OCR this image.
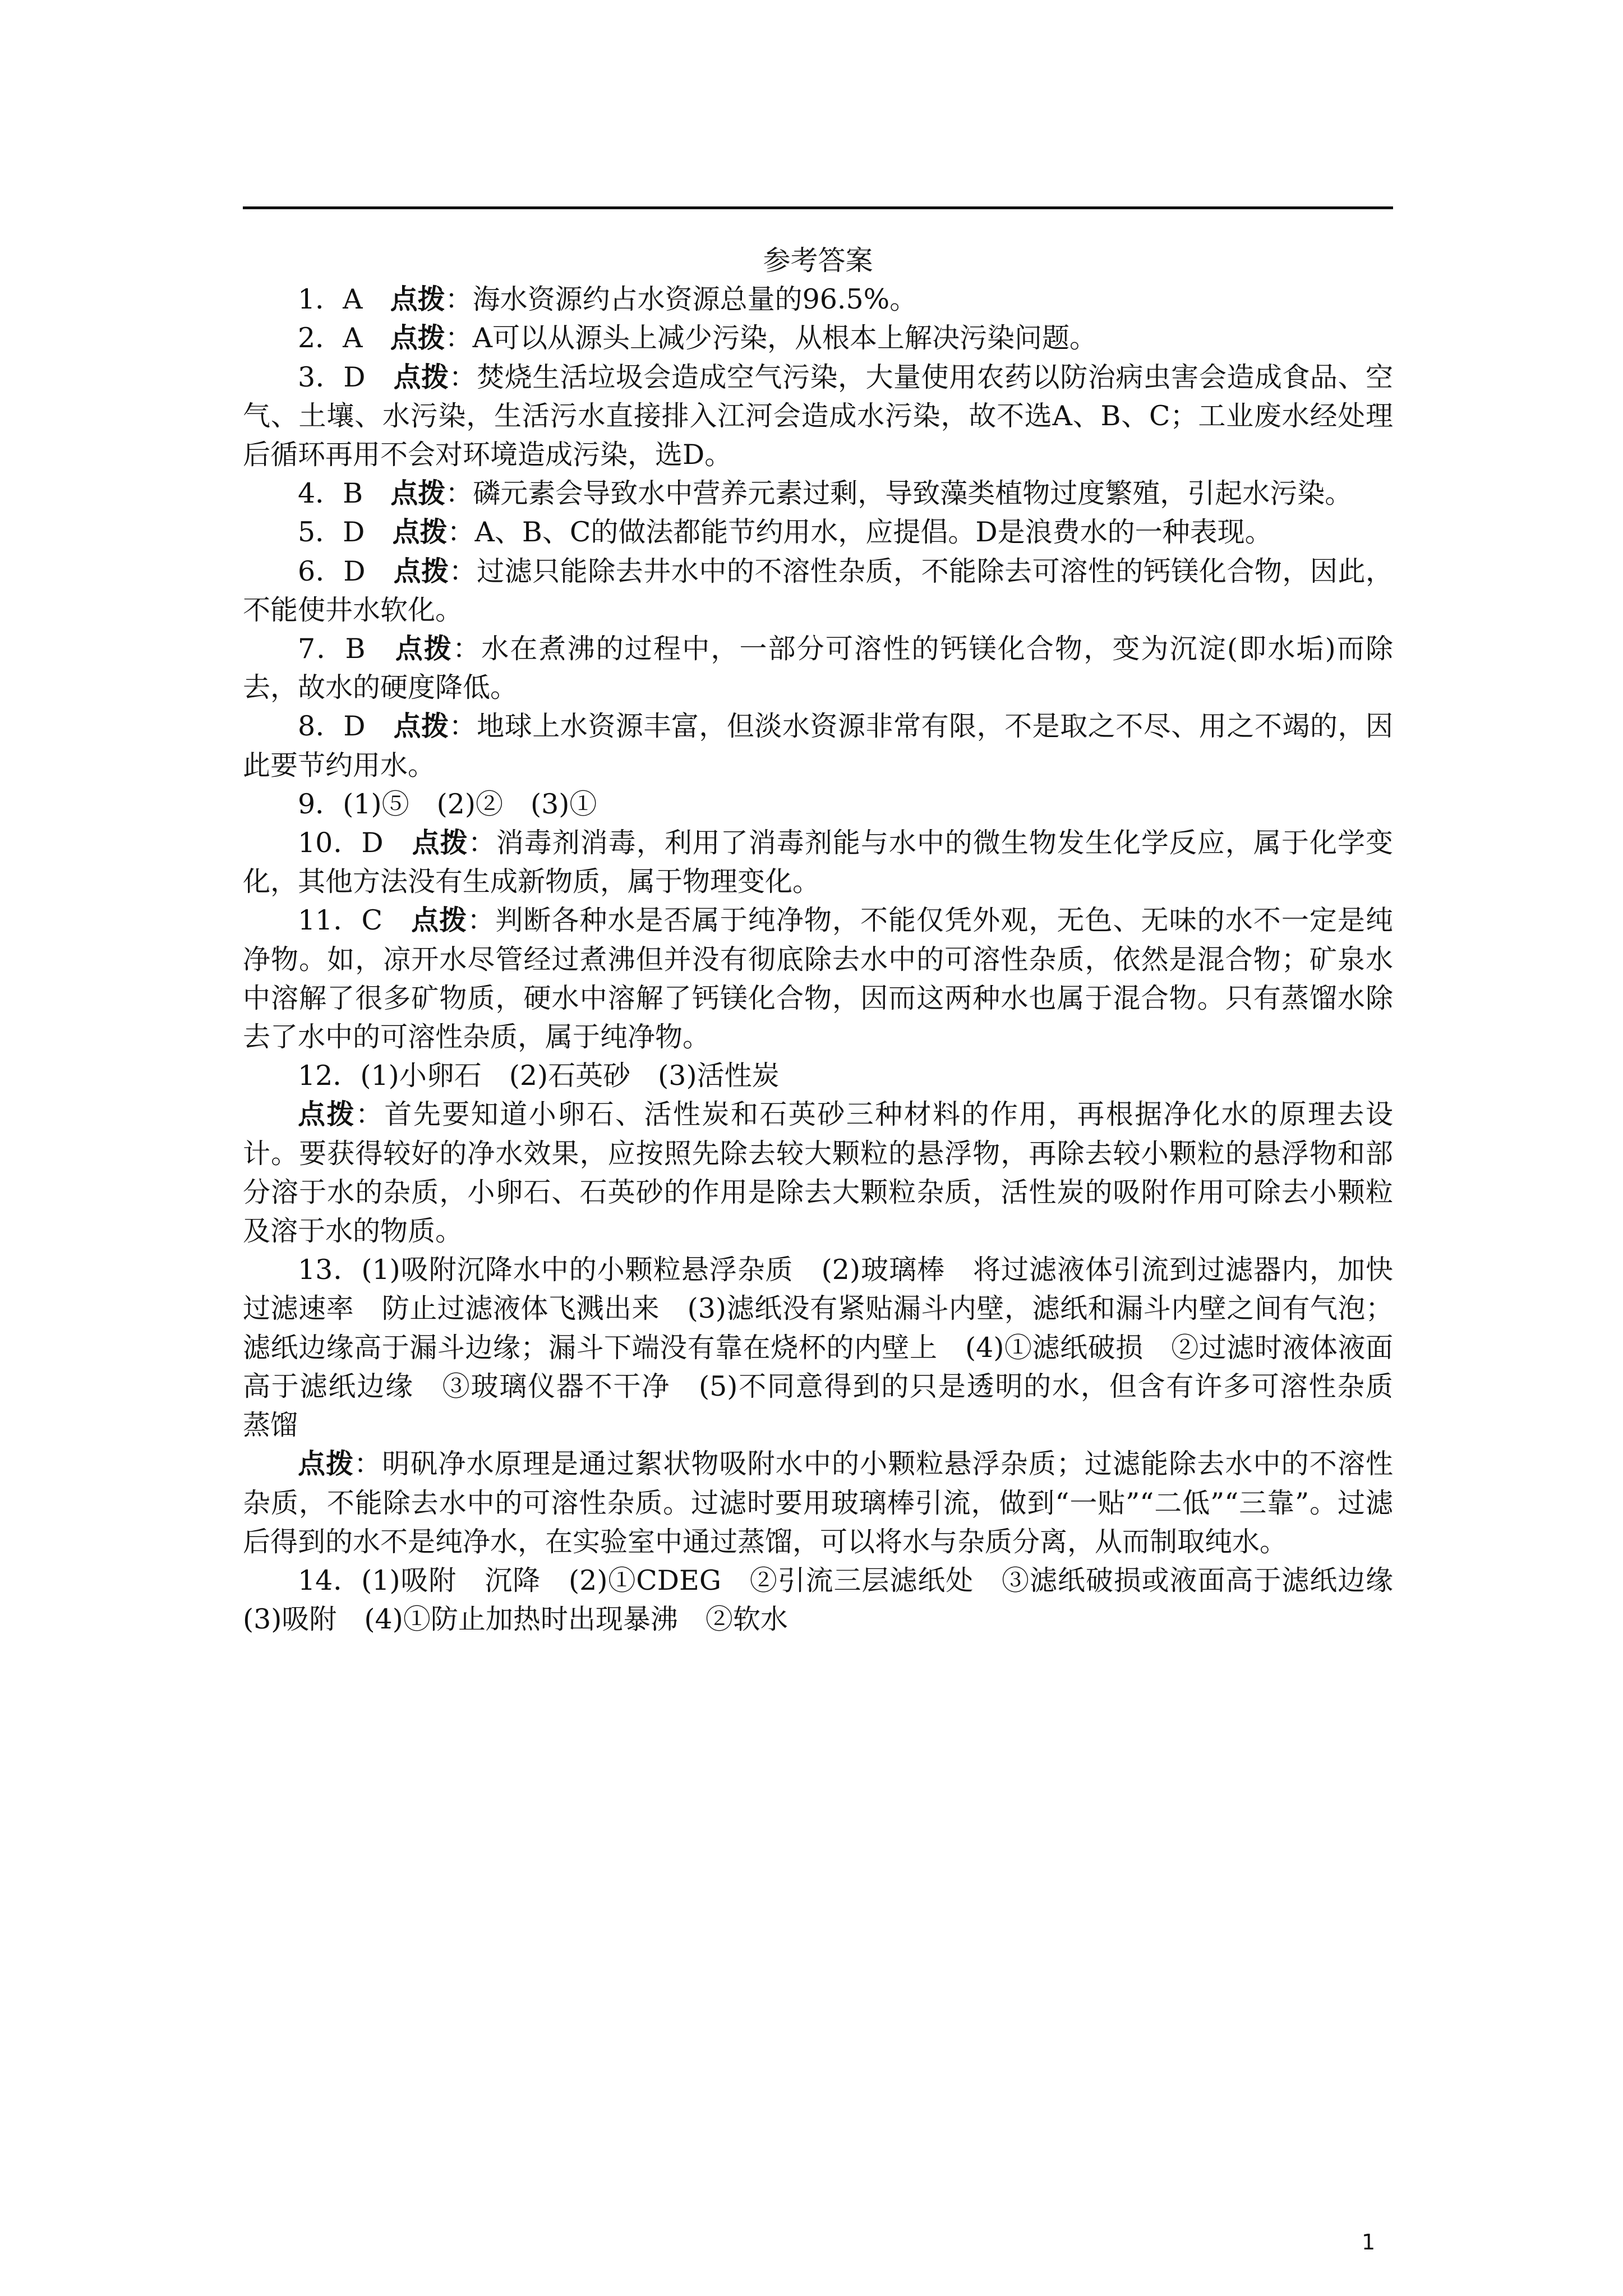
参考答案

1．A　点拨：海水资源约占水资源总量的96.5%。

2．A　点拨：A可以从源头上减少污染，从根本上解决污染问题。

3．D　点拨：焚烧生活垃圾会造成空气污染，大量使用农药以防治病虫害会造成食品、空气、土壤、水污染，生活污水直接排入江河会造成水污染，故不选A、B、C；工业废水经处理后循环再用不会对环境造成污染，选D。

4．B　点拨：磷元素会导致水中营养元素过剩，导致藻类植物过度繁殖，引起水污染。

5．D　点拨：A、B、C的做法都能节约用水，应提倡。D是浪费水的一种表现。

6．D　点拨：过滤只能除去井水中的不溶性杂质，不能除去可溶性的钙镁化合物，因此，不能使井水软化。

7．B　点拨：水在煮沸的过程中，一部分可溶性的钙镁化合物，变为沉淀(即水垢)而除去，故水的硬度降低。

8．D　点拨：地球上水资源丰富，但淡水资源非常有限，不是取之不尽、用之不竭的，因此要节约用水。

9．(1)⑤　(2)②　(3)①

10．D　点拨：消毒剂消毒，利用了消毒剂能与水中的微生物发生化学反应，属于化学变化，其他方法没有生成新物质，属于物理变化。

11．C　点拨：判断各种水是否属于纯净物，不能仅凭外观，无色、无味的水不一定是纯净物。如，凉开水尽管经过煮沸但并没有彻底除去水中的可溶性杂质，依然是混合物；矿泉水中溶解了很多矿物质，硬水中溶解了钙镁化合物，因而这两种水也属于混合物。只有蒸馏水除去了水中的可溶性杂质，属于纯净物。

12．(1)小卵石　(2)石英砂　(3)活性炭

点拨：首先要知道小卵石、活性炭和石英砂三种材料的作用，再根据净化水的原理去设计。要获得较好的净水效果，应按照先除去较大颗粒的悬浮物，再除去较小颗粒的悬浮物和部分溶于水的杂质，小卵石、石英砂的作用是除去大颗粒杂质，活性炭的吸附作用可除去小颗粒及溶于水的物质。

13．(1)吸附沉降水中的小颗粒悬浮杂质　(2)玻璃棒　将过滤液体引流到过滤器内，加快过滤速率　防止过滤液体飞溅出来　(3)滤纸没有紧贴漏斗内壁，滤纸和漏斗内壁之间有气泡；滤纸边缘高于漏斗边缘；漏斗下端没有靠在烧杯的内壁上　(4)①滤纸破损　②过滤时液体液面高于滤纸边缘　③玻璃仪器不干净　(5)不同意得到的只是透明的水，但含有许多可溶性杂质　蒸馏

点拨：明矾净水原理是通过絮状物吸附水中的小颗粒悬浮杂质；过滤能除去水中的不溶性杂质，不能除去水中的可溶性杂质。过滤时要用玻璃棒引流，做到“一贴”“二低”“三靠”。过滤后得到的水不是纯净水，在实验室中通过蒸馏，可以将水与杂质分离，从而制取纯水。

14．(1)吸附　沉降　(2)①CDEG　②引流三层滤纸处　③滤纸破损或液面高于滤纸边缘　(3)吸附　(4)①防止加热时出现暴沸　②软水

1
